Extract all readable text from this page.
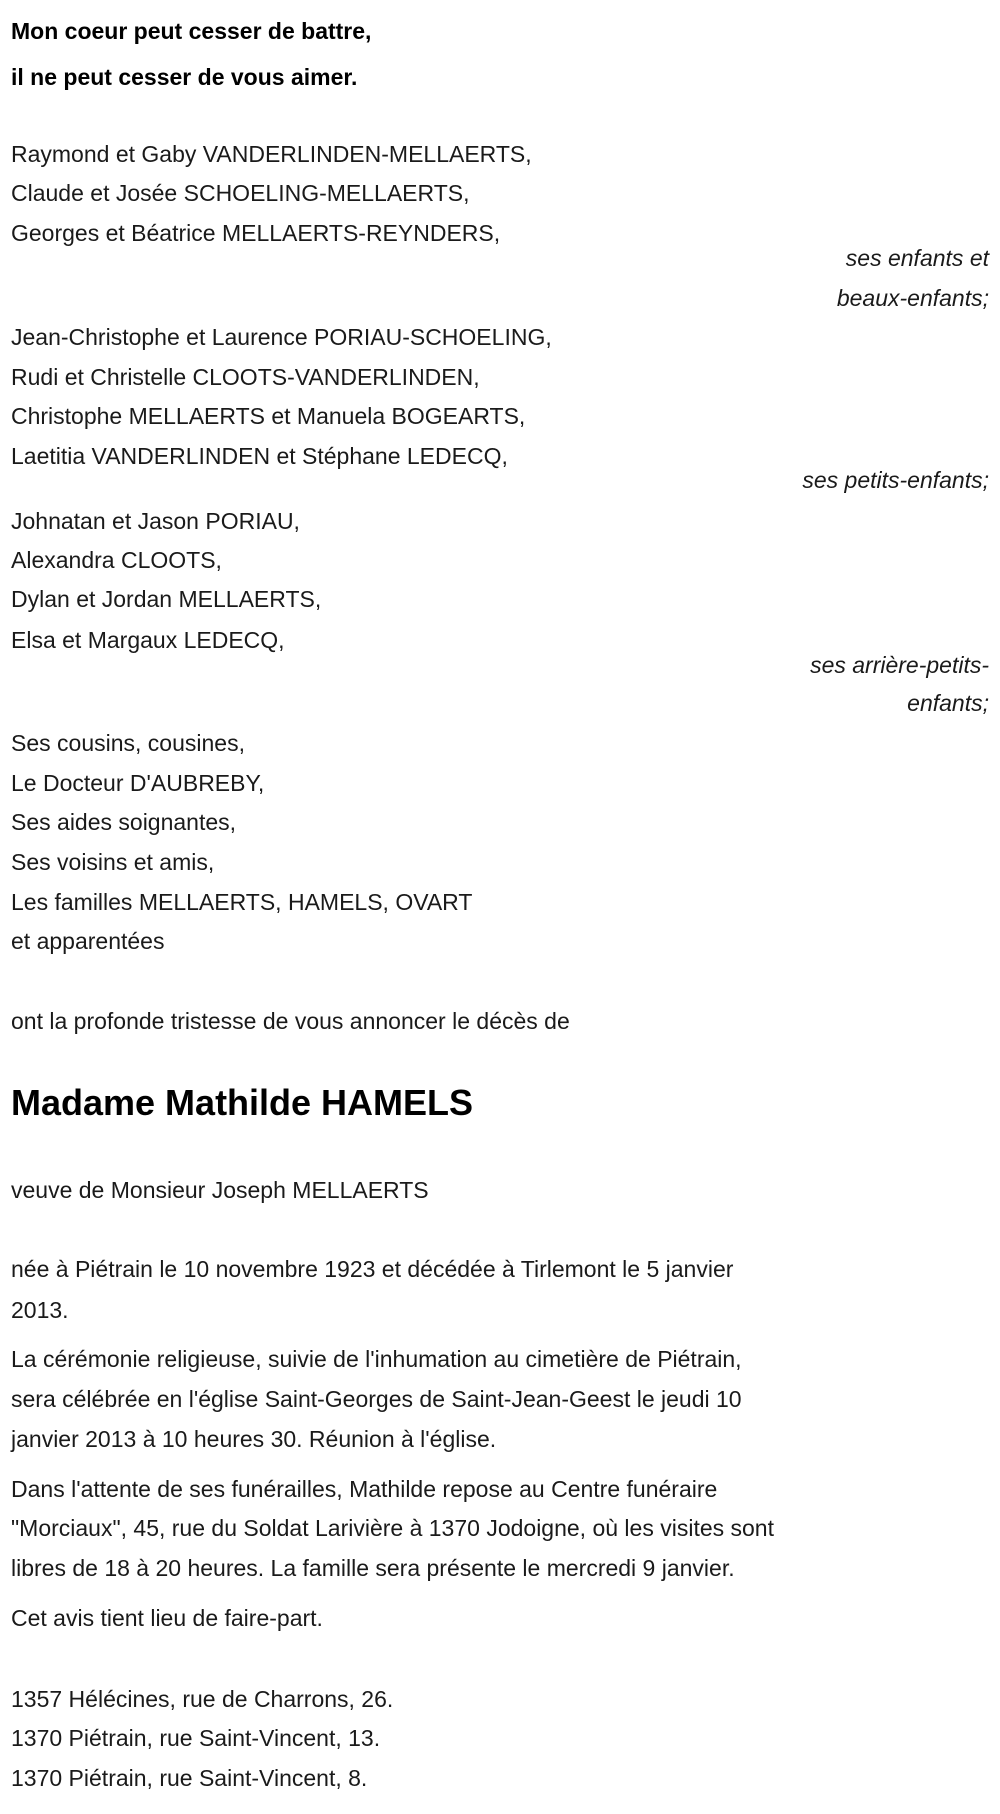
Mon coeur peut cesser de battre,
il ne peut cesser de vous aimer.
Raymond et Gaby VANDERLINDEN-MELLAERTS,
Claude et Josée SCHOELING-MELLAERTS,
Georges et Béatrice MELLAERTS-REYNDERS,
ses enfants et
beaux-enfants;
Jean-Christophe et Laurence PORIAU-SCHOELING,
Rudi et Christelle CLOOTS-VANDERLINDEN,
Christophe MELLAERTS et Manuela BOGEARTS,
Laetitia VANDERLINDEN et Stéphane LEDECQ,
ses petits-enfants;
Johnatan et Jason PORIAU,
Alexandra CLOOTS,
Dylan et Jordan MELLAERTS,
Elsa et Margaux LEDECQ,
ses arrière-petits-
enfants;
Ses cousins, cousines,
Le Docteur D'AUBREBY,
Ses aides soignantes,
Ses voisins et amis,
Les familles MELLAERTS, HAMELS, OVART
et apparentées
ont la profonde tristesse de vous annoncer le décès de
Madame Mathilde HAMELS
veuve de Monsieur Joseph MELLAERTS
née à Piétrain le 10 novembre 1923 et décédée à Tirlemont le 5 janvier
2013.
La cérémonie religieuse, suivie de l'inhumation au cimetière de Piétrain,
sera célébrée en l'église Saint-Georges de Saint-Jean-Geest le jeudi 10
janvier 2013 à 10 heures 30. Réunion à l'église.
Dans l'attente de ses funérailles, Mathilde repose au Centre funéraire
"Morciaux", 45, rue du Soldat Larivière à 1370 Jodoigne, où les visites sont
libres de 18 à 20 heures. La famille sera présente le mercredi 9 janvier.
Cet avis tient lieu de faire-part.
1357 Hélécines, rue de Charrons, 26.
1370 Piétrain, rue Saint-Vincent, 13.
1370 Piétrain, rue Saint-Vincent, 8.
